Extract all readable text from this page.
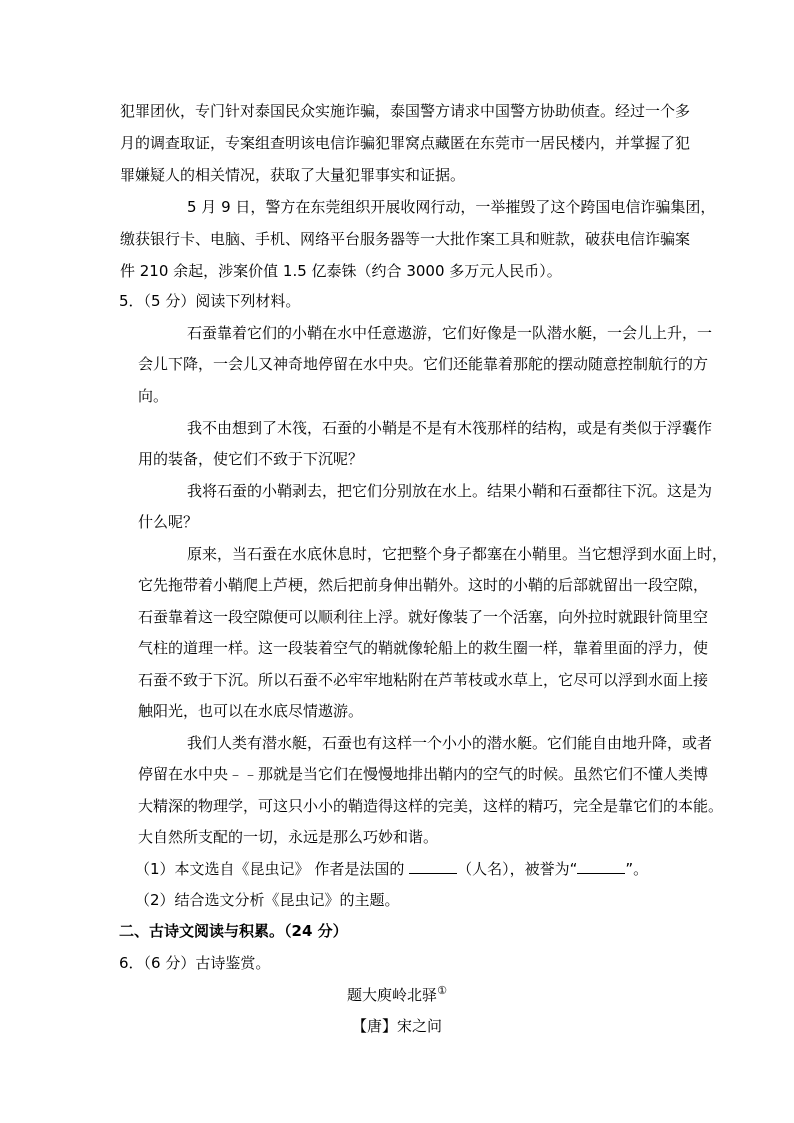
犯罪团伙，专门针对泰国民众实施诈骗，泰国警方请求中国警方协助侦查。经过一个多
月的调查取证，专案组查明该电信诈骗犯罪窝点藏匿在东莞市一居民楼内，并掌握了犯
罪嫌疑人的相关情况，获取了大量犯罪事实和证据。
5 月 9 日，警方在东莞组织开展收网行动，一举摧毁了这个跨国电信诈骗集团，
缴获银行卡、电脑、手机、网络平台服务器等一大批作案工具和赃款，破获电信诈骗案
件 210 余起，涉案价值 1.5 亿泰铢（约合 3000 多万元人民币）。
5．（5 分）阅读下列材料。
石蚕靠着它们的小鞘在水中任意遨游，它们好像是一队潜水艇，一会儿上升，一
会儿下降，一会儿又神奇地停留在水中央。它们还能靠着那舵的摆动随意控制航行的方
向。
我不由想到了木筏，石蚕的小鞘是不是有木筏那样的结构，或是有类似于浮囊作
用的装备，使它们不致于下沉呢？
我将石蚕的小鞘剥去，把它们分别放在水上。结果小鞘和石蚕都往下沉。这是为
什么呢？
原来，当石蚕在水底休息时，它把整个身子都塞在小鞘里。当它想浮到水面上时，
它先拖带着小鞘爬上芦梗，然后把前身伸出鞘外。这时的小鞘的后部就留出一段空隙，
石蚕靠着这一段空隙便可以顺利往上浮。就好像装了一个活塞，向外拉时就跟针筒里空
气柱的道理一样。这一段装着空气的鞘就像轮船上的救生圈一样，靠着里面的浮力，使
石蚕不致于下沉。所以石蚕不必牢牢地粘附在芦苇枝或水草上，它尽可以浮到水面上接
触阳光，也可以在水底尽情遨游。
我们人类有潜水艇，石蚕也有这样一个小小的潜水艇。它们能自由地升降，或者
停留在水中央﹣﹣那就是当它们在慢慢地排出鞘内的空气的时候。虽然它们不懂人类博
大精深的物理学，可这只小小的鞘造得这样的完美，这样的精巧，完全是靠它们的本能。
大自然所支配的一切，永远是那么巧妙和谐。
（1）本文选自《昆虫记》 作者是法国的	（人名），被誉为“	”。
（2）结合选文分析《昆虫记》的主题。
二、古诗文阅读与积累。（24 分）
6．（6 分）古诗鉴赏。
题大庾岭北驿①
【唐】宋之问
